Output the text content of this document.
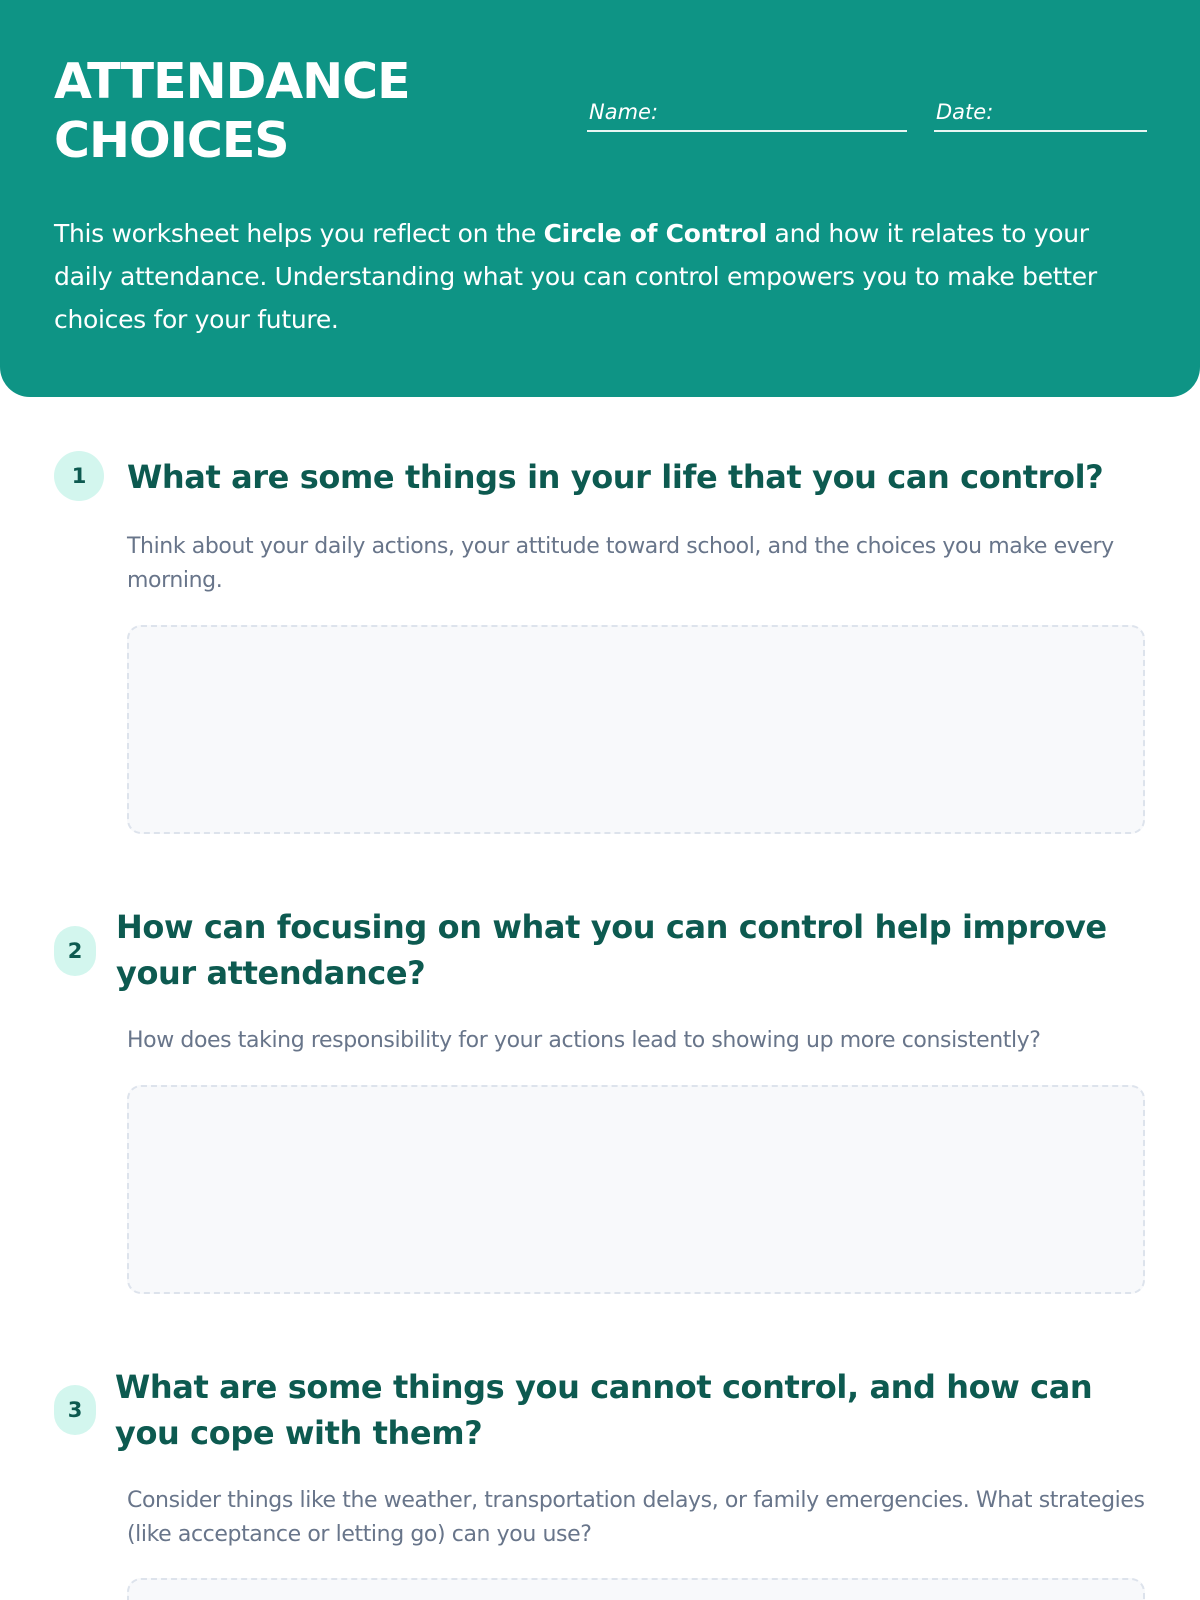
ATTENDANCE
CHOICES	Name:	Date:

This worksheet helps you reflect on the Circle of Control and how it relates to your daily attendance. Understanding what you can control empowers you to make better choices for your future.

1	What are some things in your life that you can control?

Think about your daily actions, your attitude toward school, and the choices you make every morning.

2
How can focusing on what you can control help improve your attendance?

How does taking responsibility for your actions lead to showing up more consistently?

3
What are some things you cannot control, and how can you cope with them?

Consider things like the weather, transportation delays, or family emergencies. What strategies (like acceptance or letting go) can you use?
